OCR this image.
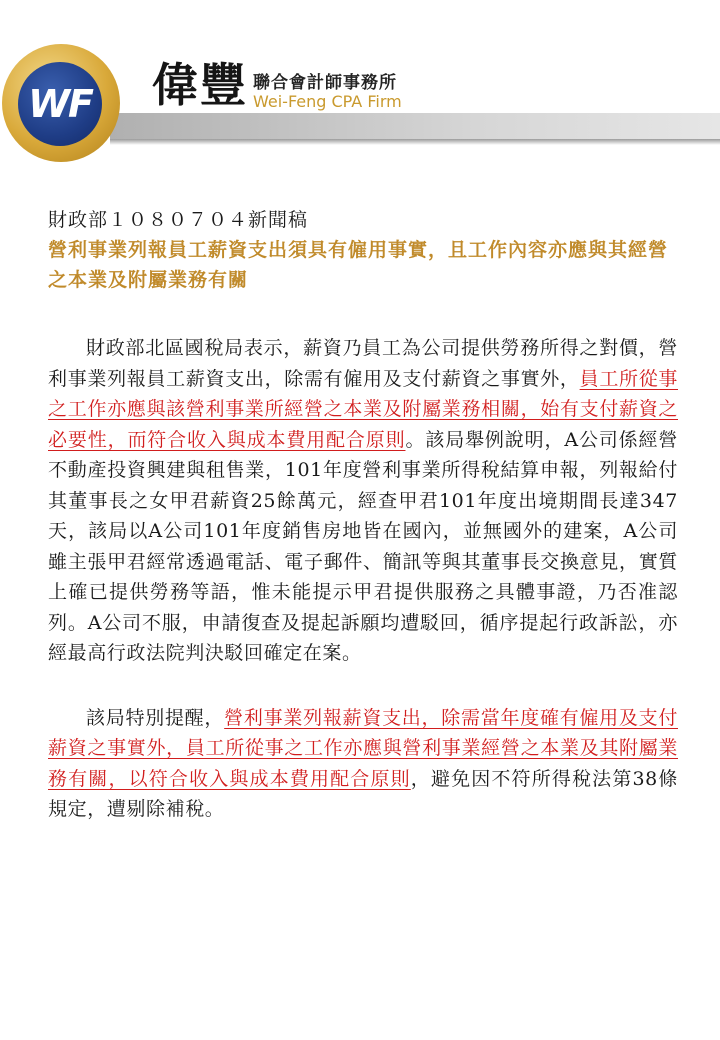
WF 偉豐 聯合會計師事務所
Wei-Feng CPA Firm

財政部１０８０７０４新聞稿

營利事業列報員工薪資支出須具有僱用事實，且工作內容亦應與其經營之本業及附屬業務有關

財政部北區國稅局表示，薪資乃員工為公司提供勞務所得之對價，營利事業列報員工薪資支出，除需有僱用及支付薪資之事實外，員工所從事之工作亦應與該營利事業所經營之本業及附屬業務相關，始有支付薪資之必要性，而符合收入與成本費用配合原則。該局舉例說明，A公司係經營不動產投資興建與租售業，101年度營利事業所得稅結算申報，列報給付其董事長之女甲君薪資25餘萬元，經查甲君101年度出境期間長達347天，該局以A公司101年度銷售房地皆在國內，並無國外的建案，A公司雖主張甲君經常透過電話、電子郵件、簡訊等與其董事長交換意見，實質上確已提供勞務等語，惟未能提示甲君提供服務之具體事證，乃否准認列。A公司不服，申請復查及提起訴願均遭駁回，循序提起行政訴訟，亦經最高行政法院判決駁回確定在案。

該局特別提醒，營利事業列報薪資支出，除需當年度確有僱用及支付薪資之事實外，員工所從事之工作亦應與營利事業經營之本業及其附屬業務有關，以符合收入與成本費用配合原則，避免因不符所得稅法第38條規定，遭剔除補稅。
